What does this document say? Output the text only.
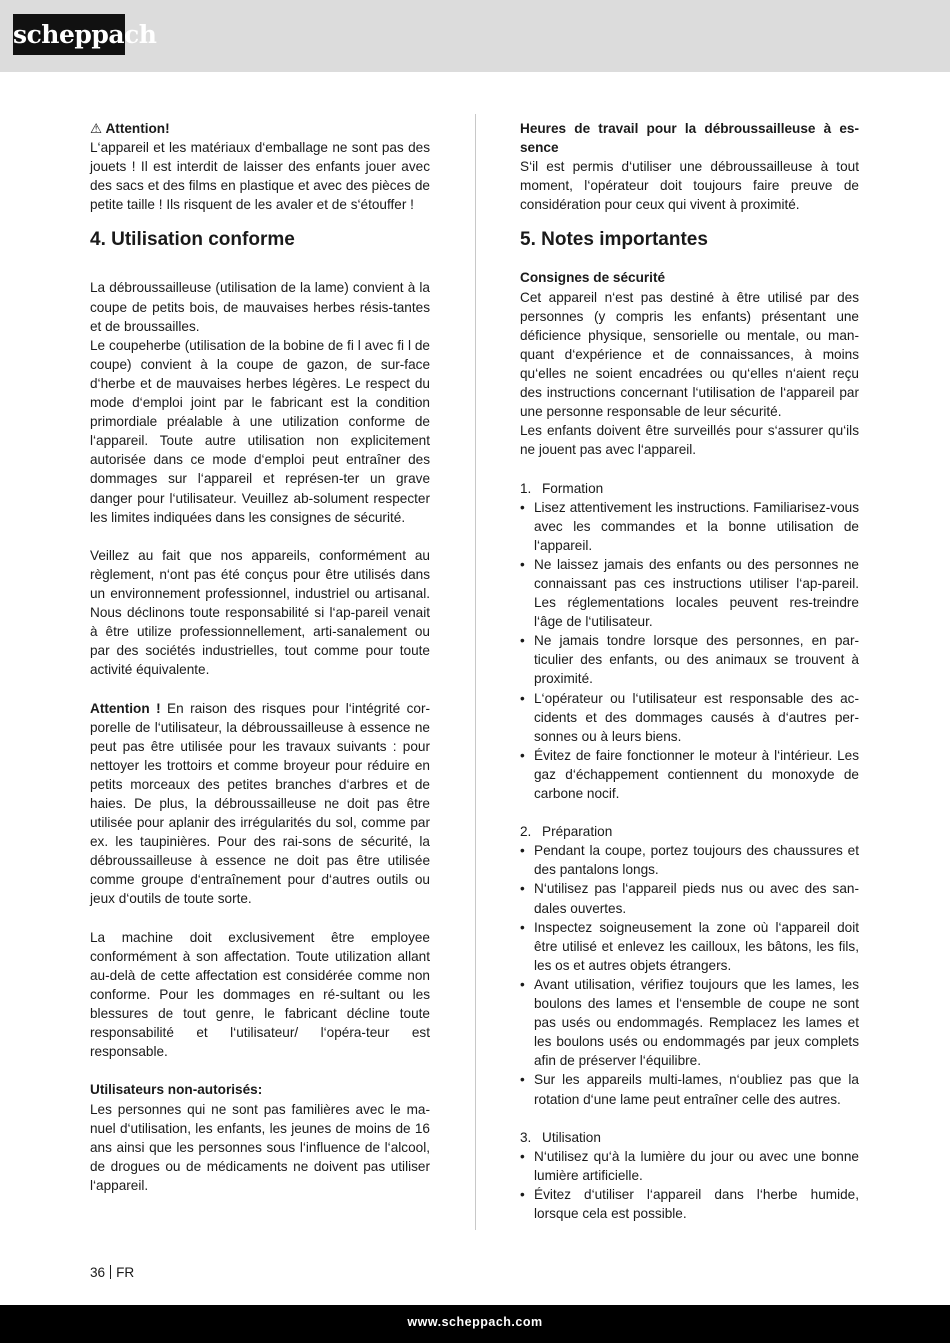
scheppach

⚠ Attention!

L‘appareil et les matériaux d‘emballage ne sont pas des jouets ! Il est interdit de laisser des enfants jouer avec des sacs et des films en plastique et avec des pièces de petite taille ! Ils risquent de les avaler et de s‘étouffer !

4. Utilisation conforme

La débroussailleuse (utilisation de la lame) convient à la coupe de petits bois, de mauvaises herbes résis-tantes et de broussailles.

Le coupeherbe (utilisation de la bobine de fi l avec fi l de coupe) convient à la coupe de gazon, de sur-face d‘herbe et de mauvaises herbes légères. Le respect du mode d‘emploi joint par le fabricant est la condition primordiale préalable à une utilization conforme de l‘appareil. Toute autre utilisation non explicitement autorisée dans ce mode d‘emploi peut entraîner des dommages sur l‘appareil et représen-ter un grave danger pour l‘utilisateur. Veuillez ab-solument respecter les limites indiquées dans les consignes de sécurité.

Veillez au fait que nos appareils, conformément au règlement, n‘ont pas été conçus pour être utilisés dans un environnement professionnel, industriel ou artisanal. Nous déclinons toute responsabilité si l‘ap-pareil venait à être utilize professionnellement, arti-sanalement ou par des sociétés industrielles, tout comme pour toute activité équivalente.

Attention ! En raison des risques pour l‘intégrité cor-porelle de l‘utilisateur, la débroussailleuse à essence ne peut pas être utilisée pour les travaux suivants : pour nettoyer les trottoirs et comme broyeur pour réduire en petits morceaux des petites branches d‘arbres et de haies. De plus, la débroussailleuse ne doit pas être utilisée pour aplanir des irrégularités du sol, comme par ex. les taupinières. Pour des rai-sons de sécurité, la débroussailleuse à essence ne doit pas être utilisée comme groupe d‘entraînement pour d‘autres outils ou jeux d‘outils de toute sorte.

La machine doit exclusivement être employee conformément à son affectation. Toute utilization allant au-delà de cette affectation est considérée comme non conforme. Pour les dommages en ré-sultant ou les blessures de tout genre, le fabricant décline toute responsabilité et l‘utilisateur/ l‘opéra-teur est responsable.

Utilisateurs non-autorisés:

Les personnes qui ne sont pas familières avec le ma-nuel d‘utilisation, les enfants, les jeunes de moins de 16 ans ainsi que les personnes sous l‘influence de l‘alcool, de drogues ou de médicaments ne doivent pas utiliser l‘appareil.

Heures de travail pour la débroussailleuse à es-sence

S‘il est permis d‘utiliser une débroussailleuse à tout moment, l‘opérateur doit toujours faire preuve de considération pour ceux qui vivent à proximité.

5. Notes importantes

Consignes de sécurité

Cet appareil n‘est pas destiné à être utilisé par des personnes (y compris les enfants) présentant une déficience physique, sensorielle ou mentale, ou man-quant d‘expérience et de connaissances, à moins qu‘elles ne soient encadrées ou qu‘elles n‘aient reçu des instructions concernant l‘utilisation de l‘appareil par une personne responsable de leur sécurité.

Les enfants doivent être surveillés pour s‘assurer qu‘ils ne jouent pas avec l‘appareil.

1. Formation

• Lisez attentivement les instructions. Familiarisez-vous avec les commandes et la bonne utilisation de l‘appareil.
• Ne laissez jamais des enfants ou des personnes ne connaissant pas ces instructions utiliser l‘ap-pareil. Les réglementations locales peuvent res-treindre l‘âge de l‘utilisateur.
• Ne jamais tondre lorsque des personnes, en par-ticulier des enfants, ou des animaux se trouvent à proximité.
• L‘opérateur ou l‘utilisateur est responsable des ac-cidents et des dommages causés à d‘autres per-sonnes ou à leurs biens.
• Évitez de faire fonctionner le moteur à l‘intérieur. Les gaz d‘échappement contiennent du monoxyde de carbone nocif.

2. Préparation

• Pendant la coupe, portez toujours des chaussures et des pantalons longs.
• N‘utilisez pas l‘appareil pieds nus ou avec des san-dales ouvertes.
• Inspectez soigneusement la zone où l‘appareil doit être utilisé et enlevez les cailloux, les bâtons, les fils, les os et autres objets étrangers.
• Avant utilisation, vérifiez toujours que les lames, les boulons des lames et l‘ensemble de coupe ne sont pas usés ou endommagés. Remplacez les lames et les boulons usés ou endommagés par jeux complets afin de préserver l‘équilibre.
• Sur les appareils multi-lames, n‘oubliez pas que la rotation d‘une lame peut entraîner celle des autres.

3. Utilisation

• N‘utilisez qu‘à la lumière du jour ou avec une bonne lumière artificielle.
• Évitez d‘utiliser l‘appareil dans l‘herbe humide, lorsque cela est possible.
36 FR
www.scheppach.com
